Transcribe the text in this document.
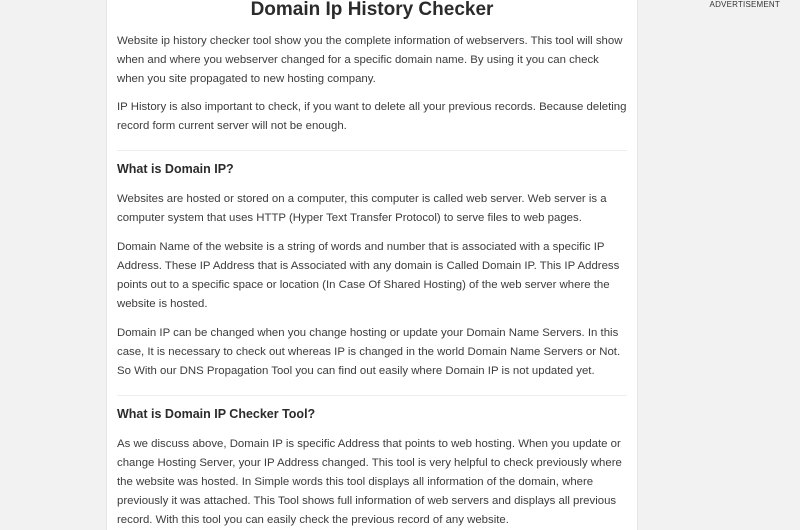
ADVERTISEMENT
Domain Ip History Checker

Website ip history checker tool show you the complete information of webservers. This tool will show when and where you webserver changed for a specific domain name. By using it you can check when you site propagated to new hosting company.

IP History is also important to check, if you want to delete all your previous records. Because deleting record form current server will not be enough.

What is Domain IP?

Websites are hosted or stored on a computer, this computer is called web server. Web server is a computer system that uses HTTP (Hyper Text Transfer Protocol) to serve files to web pages.

Domain Name of the website is a string of words and number that is associated with a specific IP Address. These IP Address that is Associated with any domain is Called Domain IP. This IP Address points out to a specific space or location (In Case Of Shared Hosting) of the web server where the website is hosted.

Domain IP can be changed when you change hosting or update your Domain Name Servers. In this case, It is necessary to check out whereas IP is changed in the world Domain Name Servers or Not. So With our DNS Propagation Tool you can find out easily where Domain IP is not updated yet.

What is Domain IP Checker Tool?

As we discuss above, Domain IP is specific Address that points to web hosting. When you update or change Hosting Server, your IP Address changed. This tool is very helpful to check previously where the website was hosted. In Simple words this tool displays all information of the domain, where previously it was attached. This Tool shows full information of web servers and displays all previous record. With this tool you can easily check the previous record of any website.
